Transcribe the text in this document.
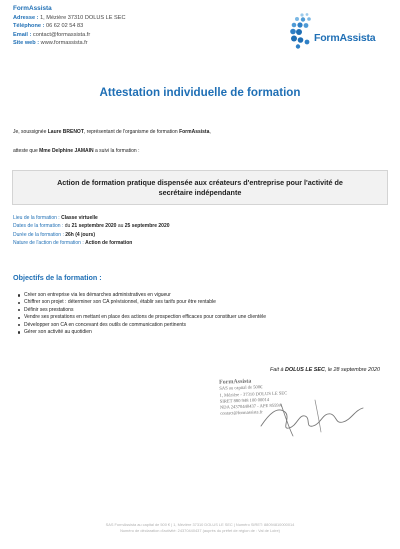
FormAssista
Adresse : 1, Mézière 37310 DOLUS LE SEC
Téléphone : 06 62 02 54 83
Email : contact@formassista.fr
Site web : www.formassista.fr	FormAssista
Attestation individuelle de formation
Je, soussignée Laure BRENOT, représentant de l'organisme de formation FormAssista,
atteste que Mme Delphine JAMAIN a suivi la formation :
Action de formation pratique dispensée aux créateurs d'entreprise pour l'activité de secrétaire indépendante
Lieu de la formation : Classe virtuelle
Dates de la formation : du 21 septembre 2020 au 25 septembre 2020
Durée de la formation : 26h (4 jours)
Nature de l'action de formation : Action de formation
Objectifs de la formation :
Créer son entreprise via les démarches administratives en vigueur
Chiffrer son projet : déterminer son CA prévisionnel, établir ses tarifs pour être rentable
Définir ses prestations
Vendre ses prestations en mettant en place des actions de prospection efficaces pour constituer une clientèle
Développer son CA en concevant des outils de communication pertinents
Gérer son activité au quotidien
Fait à DOLUS LE SEC, le 28 septembre 2020
FormAssista
SAS au capital de 500€
1, Mézière - 37310 DOLUS LE SEC
SIRET 880 948 100 00014
NDA 24370440437 - APE 8559A
contact@formassista.fr
SAS FormAssista au capital de 500 € | 1, Mézière 37310 DOLUS LE SEC | Numéro SIRET: 88094810000014
Numéro de déclaration d'activité: 24370440437 (auprès du préfet de région de : Val de Loire)
